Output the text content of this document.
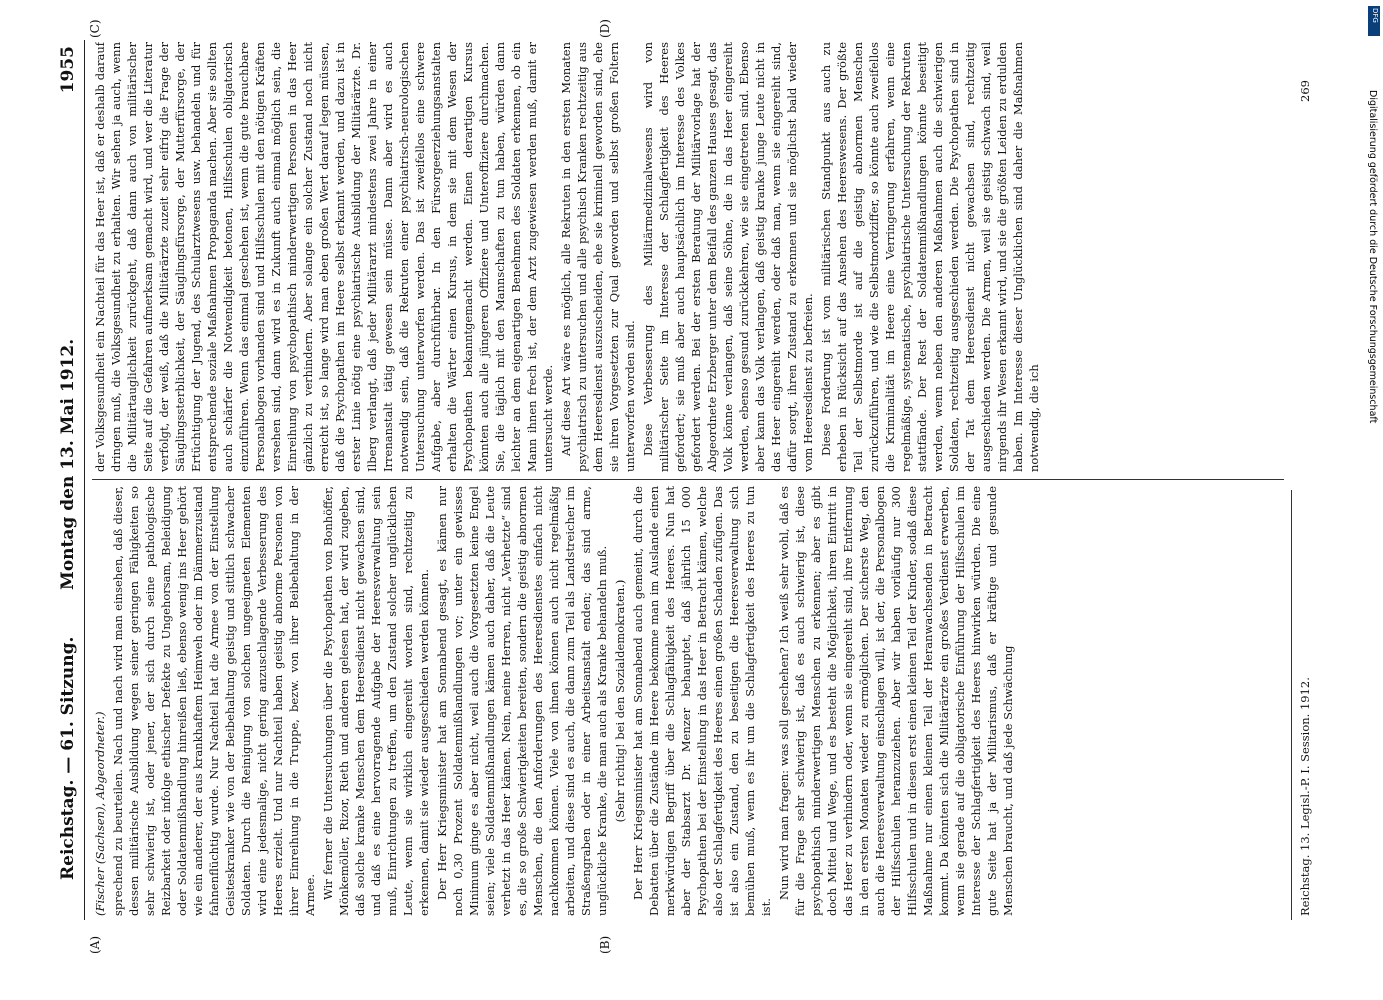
Reichstag. — 61. Sitzung.
Montag den 13. Mai 1912.
1955
(A)	(B)
(C)	(D)

(Fischer (Sachsen), Abgeordneter.) sprechend zu beurteilen. Nach und nach wird man einsehen, daß dieser, dessen militärische Ausbildung wegen seiner geringen Fähigkeiten so sehr schwierig ist, oder jener, der sich durch seine pathologische Reizbarkeit oder infolge ethischer Defekte zu Ungehorsam, Beleidigung oder Soldatenmißhandlung hinreißen ließ, ebenso wenig ins Heer gehört wie ein anderer, der aus krankhaftem Heimweh oder im Dämmerzustand fahnenflüchtig wurde. Nur Nachteil hat die Armee von der Einstellung Geisteskranker wie von der Beibehaltung geistig und sittlich schwacher Soldaten. Durch die Reinigung von solchen ungeeigneten Elementen wird eine jedesmalige, nicht gering anzuschlagende Verbesserung des Heeres erzielt. Und nur Nachteil haben geistig abnorme Personen von ihrer Einreihung in die Truppe, bezw. von ihrer Beibehaltung in der Armee. Wir ferner die Untersuchungen über die Psychopathen von Bonhöffer, Mönkemöller, Rizor, Rieth und anderen gelesen hat, der wird zugeben, daß solche kranke Menschen dem Heeresdienst nicht gewachsen sind, und daß es eine hervorragende Aufgabe der Heeresverwaltung sein muß, Einrichtungen zu treffen, um den Zustand solcher unglücklichen Leute, wenn sie wirklich eingereiht worden sind, rechtzeitig zu erkennen, damit sie wieder ausgeschieden werden können. Der Herr Kriegsminister hat am Sonnabend gesagt, es kämen nur noch 0,30 Prozent Soldatenmißhandlungen vor; unter ein gewisses Minimum ginge es aber nicht, weil auch die Vorgesetzten keine Engel seien; viele Soldatenmißhandlungen kämen auch daher, daß die Leute verhetzt in das Heer kämen. Nein, meine Herren, nicht „Verhetzte“ sind es, die so große Schwierigkeiten bereiten, sondern die geistig abnormen Menschen, die den Anforderungen des Heeresdienstes einfach nicht nachkommen können. Viele von ihnen können auch nicht regelmäßig arbeiten, und diese sind es auch, die dann zum Teil als Landstreicher im Straßengraben oder in einer Arbeitsanstalt enden; das sind arme, unglückliche Kranke, die man auch als Kranke behandeln muß. (Sehr richtig! bei den Sozialdemokraten.) Der Herr Kriegsminister hat am Sonnabend auch gemeint, durch die Debatten über die Zustände im Heere bekomme man im Auslande einen merkwürdigen Begriff über die Schlagfähigkeit des Heeres. Nun hat aber der Stabsarzt Dr. Menzer behauptet, daß jährlich 15 000 Psychopathen bei der Einstellung in das Heer in Betracht kämen, welche also der Schlagfertigkeit des Heeres einen großen Schaden zufügen. Das ist also ein Zustand, den zu beseitigen die Heeresverwaltung sich bemühen muß, wenn es ihr um die Schlagfertigkeit des Heeres zu tun ist.

Nun wird man fragen: was soll geschehen? Ich weiß sehr wohl, daß es für die Frage sehr schwierig ist, daß es auch schwierig ist, diese psychopathisch minderwertigen Menschen zu erkennen; aber es gibt doch Mittel und Wege, und es besteht die Möglichkeit, ihren Eintritt in das Heer zu verhindern oder, wenn sie eingereiht sind, ihre Entfernung in den ersten Monaten wieder zu ermöglichen. Der sicherste Weg, den auch die Heeresverwaltung einschlagen will, ist der, die Personalbogen der Hilfsschulen heranzuziehen. Aber wir haben vorläufig nur 300 Hilfsschulen und in diesen erst einen kleinen Teil der Kinder, sodaß diese Maßnahme nur einen kleinen Teil der Heranwachsenden in Betracht kommt. Da könnten sich die Militärärzte ein großes Verdienst erwerben, wenn sie gerade auf die obligatorische Einführung der Hilfsschulen im Interesse der Schlagfertigkeit des Heeres hinwirken würden. Die eine gute Seite hat ja der Militarismus, daß er kräftige und gesunde Menschen braucht, und daß jede Schwächung

der Volksgesundheit ein Nachteil für das Heer ist, daß er deshalb darauf dringen muß, die Volksgesundheit zu erhalten. Wir sehen ja auch, wenn die Militärtauglichkeit zurückgeht, daß dann auch von militärischer Seite auf die Gefahren aufmerksam gemacht wird, und wer die Literatur verfolgt, der weiß, daß die Militärärzte zuzeit sehr eifrig die Frage der Säuglingssterblichkeit, der Säuglingsfürsorge, der Mutterfürsorge, der Ertüchtigung der Jugend, des Schularztwesens usw. behandeln und für entsprechende soziale Maßnahmen Propaganda machen. Aber sie sollten auch schärfer die Notwendigkeit betonen, Hilfsschulen obligatorisch einzuführen. Wenn das einmal geschehen ist, wenn die gute brauchbare Personalbogen vorhanden sind und Hilfsschulen mit den nötigen Kräften versehen sind, dann wird es in Zukunft auch einmal möglich sein, die Einreihung von psychopathisch minderwertigen Personen in das Heer gänzlich zu verhindern. Aber solange ein solcher Zustand noch nicht erreicht ist, so lange wird man eben großen Wert darauf legen müssen, daß die Psychopathen im Heere selbst erkannt werden, und dazu ist in erster Linie nötig eine psychiatrische Ausbildung der Militärärzte. Dr. Ilberg verlangt, daß jeder Militärarzt mindestens zwei Jahre in einer Irrenanstalt tätig gewesen sein müsse. Dann aber wird es auch notwendig sein, daß die Rekruten einer psychiatrisch-neurologischen Untersuchung unterworfen werden. Das ist zweifellos eine schwere Aufgabe, aber durchführbar. In den Fürsorgeerziehungsanstalten erhalten die Wärter einen Kursus, in dem sie mit dem Wesen der Psychopathen bekanntgemacht werden. Einen derartigen Kursus könnten auch alle jüngeren Offiziere und Unteroffiziere durchmachen. Sie, die täglich mit den Mannschaften zu tun haben, würden dann leichter an dem eigenartigen Benehmen des Soldaten erkennen, ob ein Mann ihnen frech ist, der dem Arzt zugewiesen werden muß, damit er untersucht werde. Auf diese Art wäre es möglich, alle Rekruten in den ersten Monaten psychiatrisch zu untersuchen und alle psychisch Kranken rechtzeitig aus dem Heeresdienst auszuscheiden, ehe sie kriminell geworden sind, ehe sie ihren Vorgesetzten zur Qual geworden und selbst großen Foltern unterworfen worden sind. Diese Verbesserung des Militärmedizinalwesens wird von militärischer Seite im Interesse der Schlagfertigkeit des Heeres gefordert; sie muß aber auch hauptsächlich im Interesse des Volkes gefordert werden. Bei der ersten Beratung der Militärvorlage hat der Abgeordnete Erzberger unter dem Beifall des ganzen Hauses gesagt, das Volk könne verlangen, daß seine Söhne, die in das Heer eingereiht werden, ebenso gesund zurückkehren, wie sie eingetreten sind. Ebenso aber kann das Volk verlangen, daß geistig kranke junge Leute nicht in das Heer eingereiht werden, oder daß man, wenn sie eingereiht sind, dafür sorgt, ihren Zustand zu erkennen und sie möglichst bald wieder vom Heeresdienst zu befreien. Diese Forderung ist vom militärischen Standpunkt aus auch zu erheben in Rücksicht auf das Ansehen des Heereswesens. Der größte Teil der Selbstmorde ist auf die geistig abnormen Menschen zurückzuführen, und wie die Selbstmordziffer, so könnte auch zweifellos die Kriminalität im Heere eine Verringerung erfahren, wenn eine regelmäßige, systematische, psychiatrische Untersuchung der Rekruten stattfände. Der Rest der Soldatenmißhandlungen könnte beseitigt werden, wenn neben den anderen Maßnahmen auch die schwierigen Soldaten, rechtzeitig ausgeschieden werden. Die Psychopathen sind in der Tat dem Heeresdienst nicht gewachsen sind, rechtzeitig ausgeschieden werden. Die Armen, weil sie geistig schwach sind, weil nirgends ihr Wesen erkannt wird, und sie die größten Leiden zu erdulden haben. Im Interesse dieser Unglücklichen sind daher die Maßnahmen notwendig, die ich

Reichstag. 13. Legisl.-P. I. Session. 1912.
269
DFG
Digitalisierung gefördert durch die Deutsche Forschungsgemeinschaft
